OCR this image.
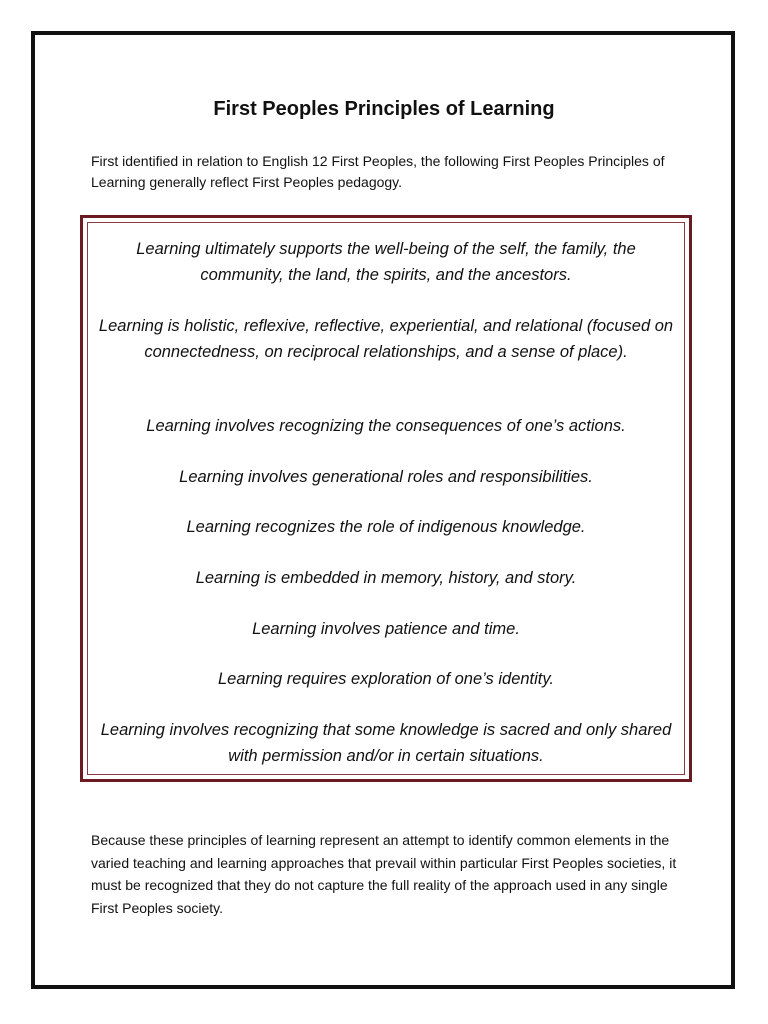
First Peoples Principles of Learning

First identified in relation to English 12 First Peoples, the following First Peoples Principles of Learning generally reflect First Peoples pedagogy.

Learning ultimately supports the well-being of the self, the family, the community, the land, the spirits, and the ancestors.

Learning is holistic, reflexive, reflective, experiential, and relational (focused on connectedness, on reciprocal relationships, and a sense of place).

Learning involves recognizing the consequences of one’s actions.

Learning involves generational roles and responsibilities.

Learning recognizes the role of indigenous knowledge.

Learning is embedded in memory, history, and story.

Learning involves patience and time.

Learning requires exploration of one’s identity.

Learning involves recognizing that some knowledge is sacred and only shared with permission and/or in certain situations.

Because these principles of learning represent an attempt to identify common elements in the varied teaching and learning approaches that prevail within particular First Peoples societies, it must be recognized that they do not capture the full reality of the approach used in any single First Peoples society.
